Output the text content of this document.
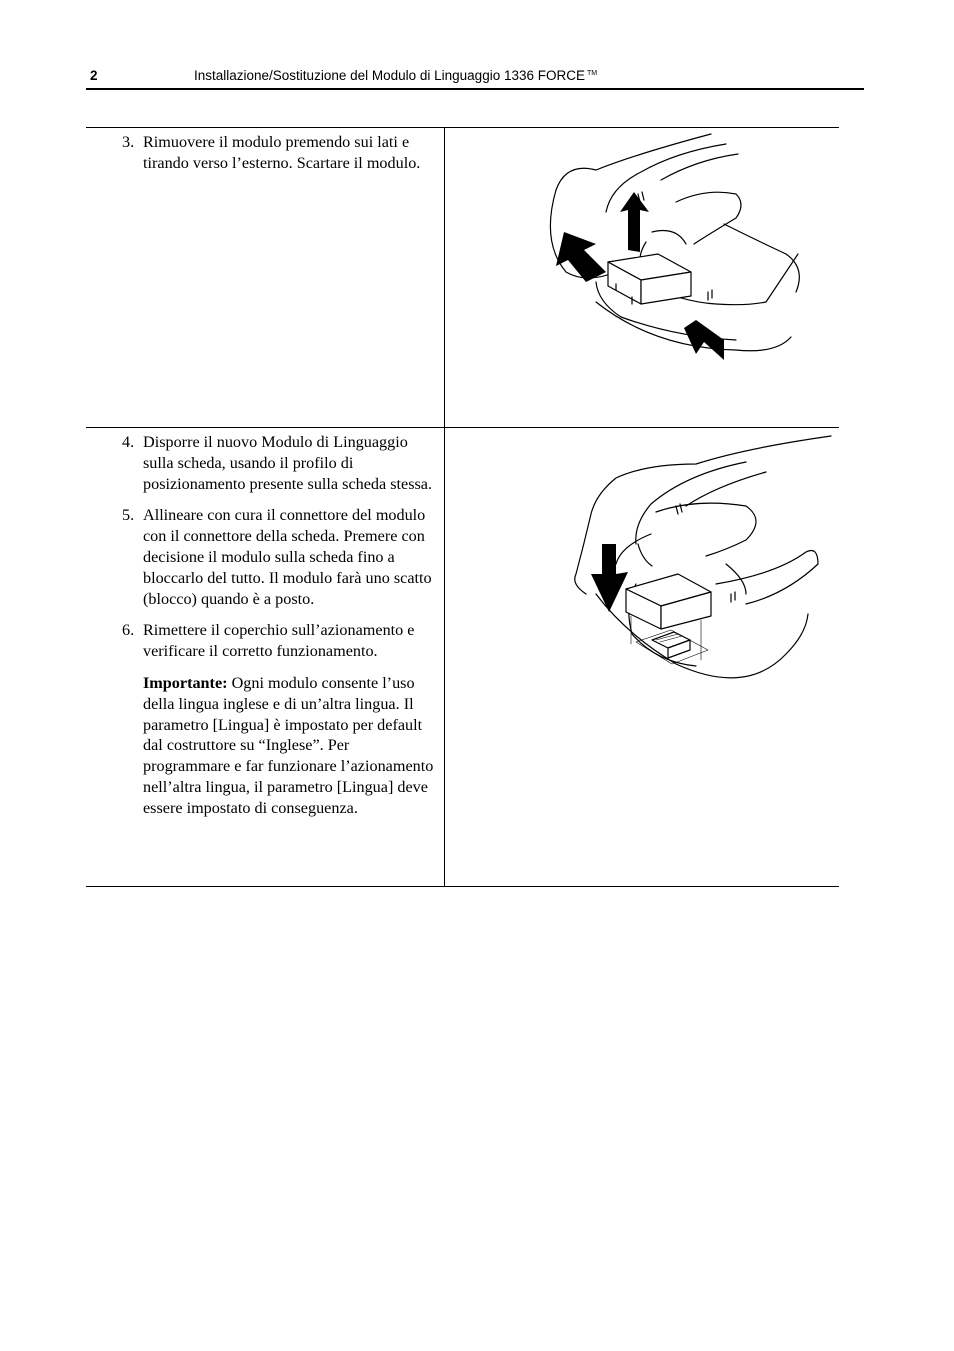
2	Installazione/Sostituzione del Modulo di Linguaggio 1336 FORCE ™
3. Rimuovere il modulo premendo sui lati e tirando verso l’esterno. Scartare il modulo.
4. Disporre il nuovo Modulo di Linguaggio sulla scheda, usando il profilo di posizionamento presente sulla scheda stessa.
5. Allineare con cura il connettore del modulo con il connettore della scheda. Premere con decisione il modulo sulla scheda fino a bloccarlo del tutto. Il modulo farà uno scatto (blocco) quando è a posto.
6. Rimettere il coperchio sull’azionamento e verificare il corretto funzionamento.
Importante: Ogni modulo consente l’uso della lingua inglese e di un’altra lingua. Il parametro [Lingua] è impostato per default dal costruttore su “Inglese”. Per programmare e far funzionare l’azionamento nell’altra lingua, il parametro [Lingua] deve essere impostato di conseguenza.
